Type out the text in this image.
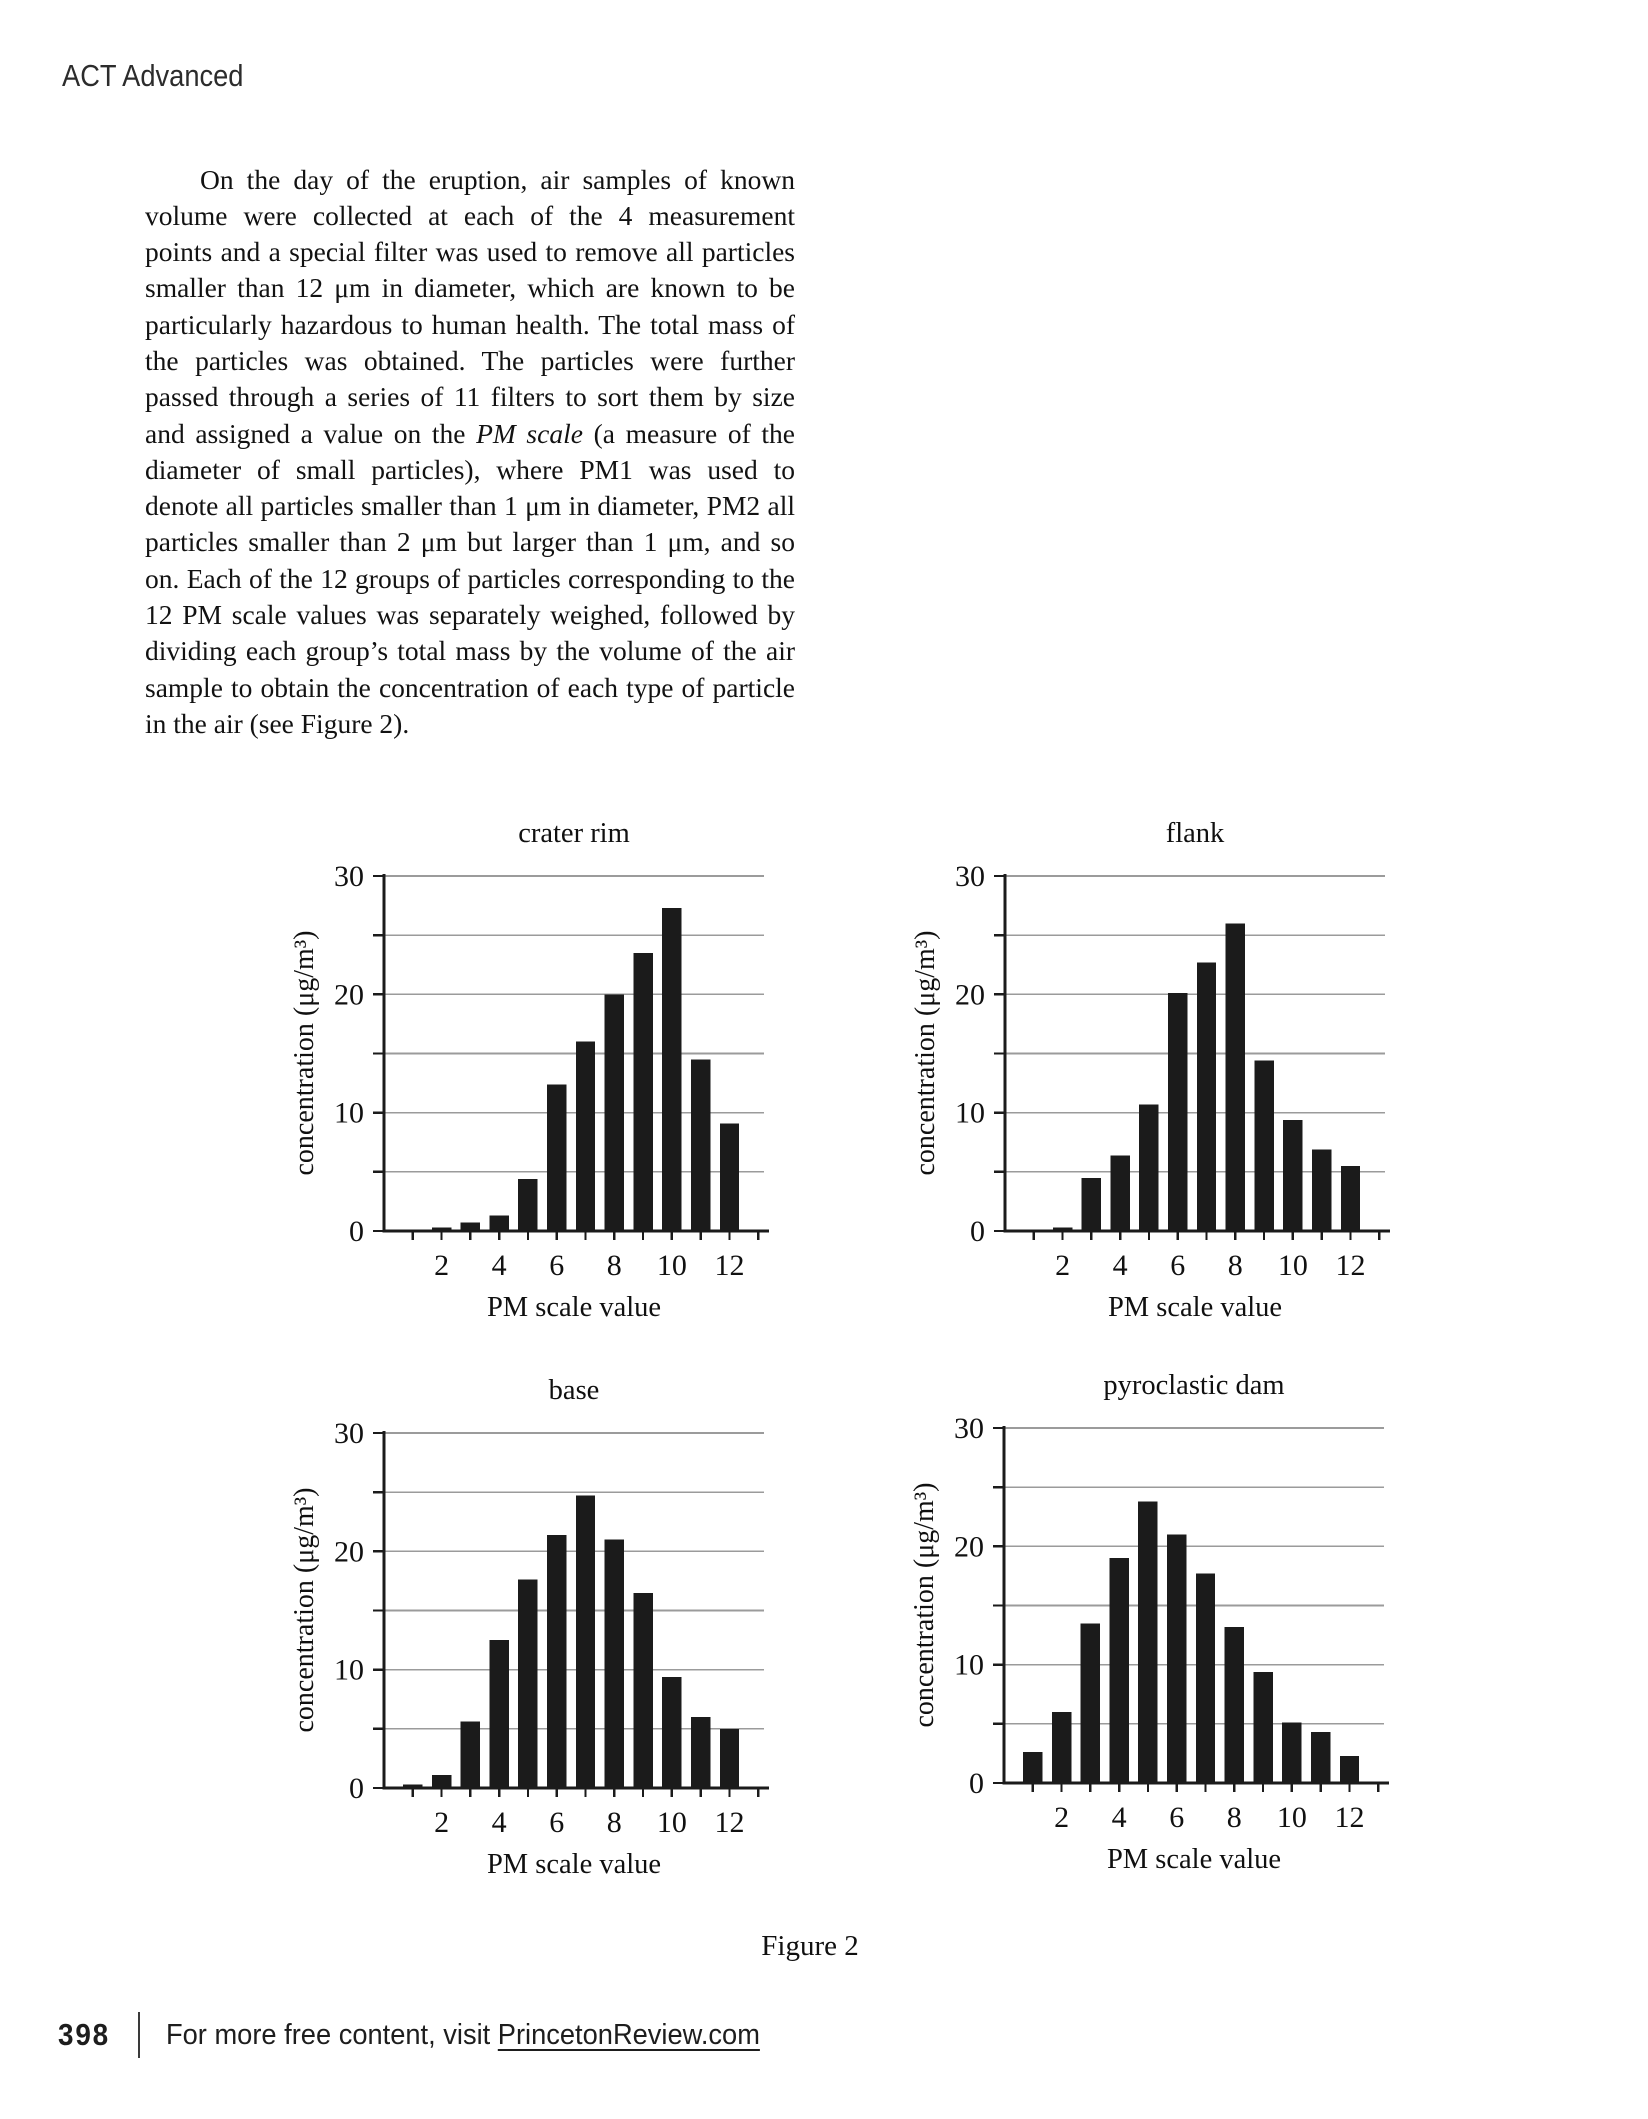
ACT Advanced

On the day of the eruption, air samples of known volume were collected at each of the 4 measurement points and a special filter was used to remove all particles smaller than 12 μm in diameter, which are known to be particularly hazardous to human health. The total mass of the particles was obtained. The particles were further passed through a series of 11 filters to sort them by size and assigned a value on the PM scale (a measure of the diameter of small particles), where PM1 was used to denote all particles smaller than 1 μm in diameter, PM2 all particles smaller than 2 μm but larger than 1 μm, and so on. Each of the 12 groups of particles corresponding to the 12 PM scale values was separately weighed, followed by dividing each group’s total mass by the volume of the air sample to obtain the concentration of each type of particle in the air (see Figure 2).

crater rim
concentration (μg/m³)
0
10
20
30
2 4 6 8 10 12
PM scale value
flank
concentration (μg/m³)
0
10
20
30
2 4 6 8 10 12
PM scale value
base
concentration (μg/m³)
0
10
20
30
2 4 6 8 10 12
PM scale value
pyroclastic dam
concentration (μg/m³)
0
10
20
30
2 4 6 8 10 12
PM scale value
Figure 2
398 For more free content, visit PrincetonReview.com
